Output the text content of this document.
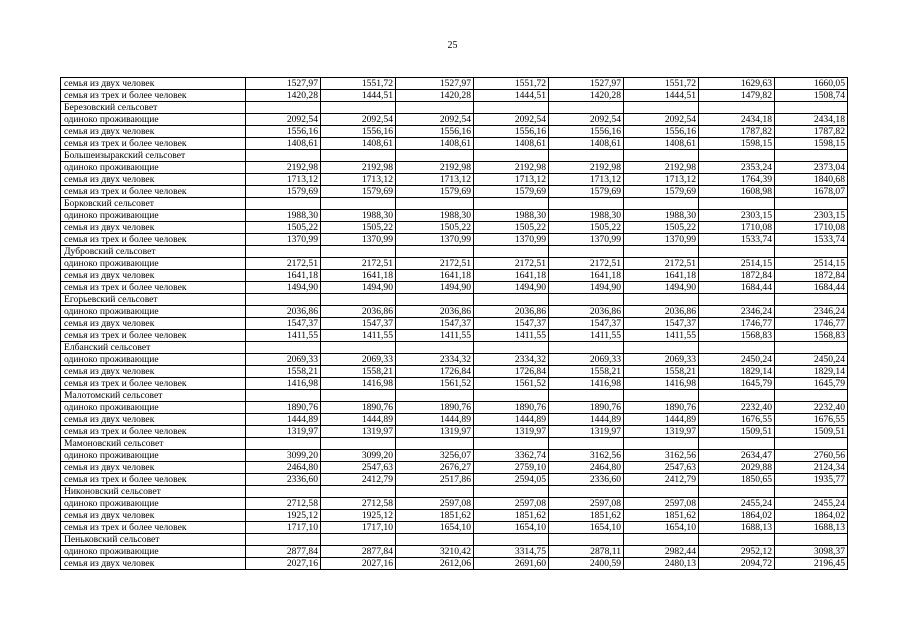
25
семья из двух человек	1527,97	1551,72	1527,97	1551,72	1527,97	1551,72	1629,63	1660,05
семья из трех и более человек	1420,28	1444,51	1420,28	1444,51	1420,28	1444,51	1479,82	1508,74
Березовский сельсовет								
одиноко проживающие	2092,54	2092,54	2092,54	2092,54	2092,54	2092,54	2434,18	2434,18
семья из двух человек	1556,16	1556,16	1556,16	1556,16	1556,16	1556,16	1787,82	1787,82
семья из трех и более человек	1408,61	1408,61	1408,61	1408,61	1408,61	1408,61	1598,15	1598,15
Большеизыракский сельсовет								
одиноко проживающие	2192,98	2192,98	2192,98	2192,98	2192,98	2192,98	2353,24	2373,04
семья из двух человек	1713,12	1713,12	1713,12	1713,12	1713,12	1713,12	1764,39	1840,68
семья из трех и более человек	1579,69	1579,69	1579,69	1579,69	1579,69	1579,69	1608,98	1678,07
Борковский сельсовет								
одиноко проживающие	1988,30	1988,30	1988,30	1988,30	1988,30	1988,30	2303,15	2303,15
семья из двух человек	1505,22	1505,22	1505,22	1505,22	1505,22	1505,22	1710,08	1710,08
семья из трех и более человек	1370,99	1370,99	1370,99	1370,99	1370,99	1370,99	1533,74	1533,74
Дубровский сельсовет								
одиноко проживающие	2172,51	2172,51	2172,51	2172,51	2172,51	2172,51	2514,15	2514,15
семья из двух человек	1641,18	1641,18	1641,18	1641,18	1641,18	1641,18	1872,84	1872,84
семья из трех и более человек	1494,90	1494,90	1494,90	1494,90	1494,90	1494,90	1684,44	1684,44
Егорьевский сельсовет								
одиноко проживающие	2036,86	2036,86	2036,86	2036,86	2036,86	2036,86	2346,24	2346,24
семья из двух человек	1547,37	1547,37	1547,37	1547,37	1547,37	1547,37	1746,77	1746,77
семья из трех и более человек	1411,55	1411,55	1411,55	1411,55	1411,55	1411,55	1568,83	1568,83
Елбанский сельсовет								
одиноко проживающие	2069,33	2069,33	2334,32	2334,32	2069,33	2069,33	2450,24	2450,24
семья из двух человек	1558,21	1558,21	1726,84	1726,84	1558,21	1558,21	1829,14	1829,14
семья из трех и более человек	1416,98	1416,98	1561,52	1561,52	1416,98	1416,98	1645,79	1645,79
Малотомский сельсовет								
одиноко проживающие	1890,76	1890,76	1890,76	1890,76	1890,76	1890,76	2232,40	2232,40
семья из двух человек	1444,89	1444,89	1444,89	1444,89	1444,89	1444,89	1676,55	1676,55
семья из трех и более человек	1319,97	1319,97	1319,97	1319,97	1319,97	1319,97	1509,51	1509,51
Мамоновский сельсовет								
одиноко проживающие	3099,20	3099,20	3256,07	3362,74	3162,56	3162,56	2634,47	2760,56
семья из двух человек	2464,80	2547,63	2676,27	2759,10	2464,80	2547,63	2029,88	2124,34
семья из трех и более человек	2336,60	2412,79	2517,86	2594,05	2336,60	2412,79	1850,65	1935,77
Никоновский сельсовет								
одиноко проживающие	2712,58	2712,58	2597,08	2597,08	2597,08	2597,08	2455,24	2455,24
семья из двух человек	1925,12	1925,12	1851,62	1851,62	1851,62	1851,62	1864,02	1864,02
семья из трех и более человек	1717,10	1717,10	1654,10	1654,10	1654,10	1654,10	1688,13	1688,13
Пеньковский сельсовет								
одиноко проживающие	2877,84	2877,84	3210,42	3314,75	2878,11	2982,44	2952,12	3098,37
семья из двух человек	2027,16	2027,16	2612,06	2691,60	2400,59	2480,13	2094,72	2196,45
